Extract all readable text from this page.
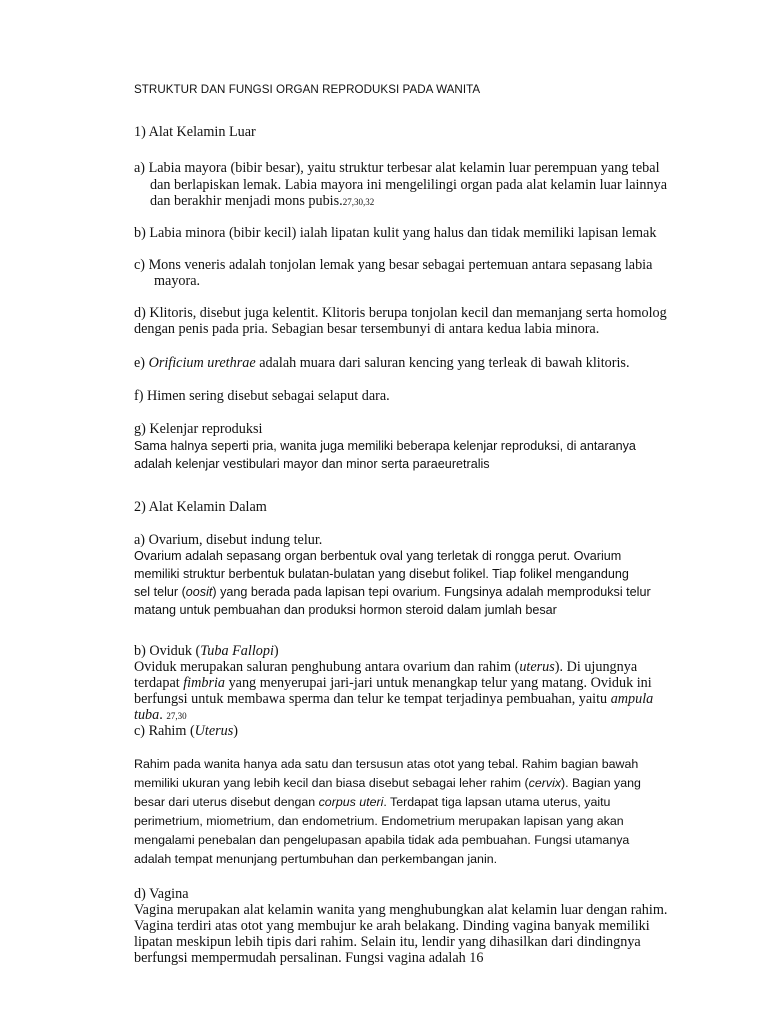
STRUKTUR DAN FUNGSI ORGAN REPRODUKSI PADA WANITA
1) Alat Kelamin Luar
a) Labia mayora (bibir besar), yaitu struktur terbesar alat kelamin luar perempuan yang tebal
dan berlapiskan lemak. Labia mayora ini mengelilingi organ pada alat kelamin luar lainnya
dan berakhir menjadi mons pubis.27,30,32
b) Labia minora (bibir kecil) ialah lipatan kulit yang halus dan tidak memiliki lapisan lemak
c) Mons veneris adalah tonjolan lemak yang besar sebagai pertemuan antara sepasang labia
mayora.
d) Klitoris, disebut juga kelentit. Klitoris berupa tonjolan kecil dan memanjang serta homolog
dengan penis pada pria. Sebagian besar tersembunyi di antara kedua labia minora.
e) Orificium urethrae adalah muara dari saluran kencing yang terleak di bawah klitoris.
f) Himen sering disebut sebagai selaput dara.
g) Kelenjar reproduksi
Sama halnya seperti pria, wanita juga memiliki beberapa kelenjar reproduksi, di antaranya
adalah kelenjar vestibulari mayor dan minor serta paraeuretralis
2) Alat Kelamin Dalam
a) Ovarium, disebut indung telur.
Ovarium adalah sepasang organ berbentuk oval yang terletak di rongga perut. Ovarium
memiliki struktur berbentuk bulatan-bulatan yang disebut folikel. Tiap folikel mengandung
sel telur (oosit) yang berada pada lapisan tepi ovarium. Fungsinya adalah memproduksi telur
matang untuk pembuahan dan produksi hormon steroid dalam jumlah besar
b) Oviduk (Tuba Fallopi)
Oviduk merupakan saluran penghubung antara ovarium dan rahim (uterus). Di ujungnya
terdapat fimbria yang menyerupai jari-jari untuk menangkap telur yang matang. Oviduk ini
berfungsi untuk membawa sperma dan telur ke tempat terjadinya pembuahan, yaitu ampula
tuba. 27,30
c) Rahim (Uterus)
Rahim pada wanita hanya ada satu dan tersusun atas otot yang tebal. Rahim bagian bawah
memiliki ukuran yang lebih kecil dan biasa disebut sebagai leher rahim (cervix). Bagian yang
besar dari uterus disebut dengan corpus uteri. Terdapat tiga lapsan utama uterus, yaitu
perimetrium, miometrium, dan endometrium. Endometrium merupakan lapisan yang akan
mengalami penebalan dan pengelupasan apabila tidak ada pembuahan. Fungsi utamanya
adalah tempat menunjang pertumbuhan dan perkembangan janin.
d) Vagina
Vagina merupakan alat kelamin wanita yang menghubungkan alat kelamin luar dengan rahim.
Vagina terdiri atas otot yang membujur ke arah belakang. Dinding vagina banyak memiliki
lipatan meskipun lebih tipis dari rahim. Selain itu, lendir yang dihasilkan dari dindingnya
berfungsi mempermudah persalinan. Fungsi vagina adalah 16
